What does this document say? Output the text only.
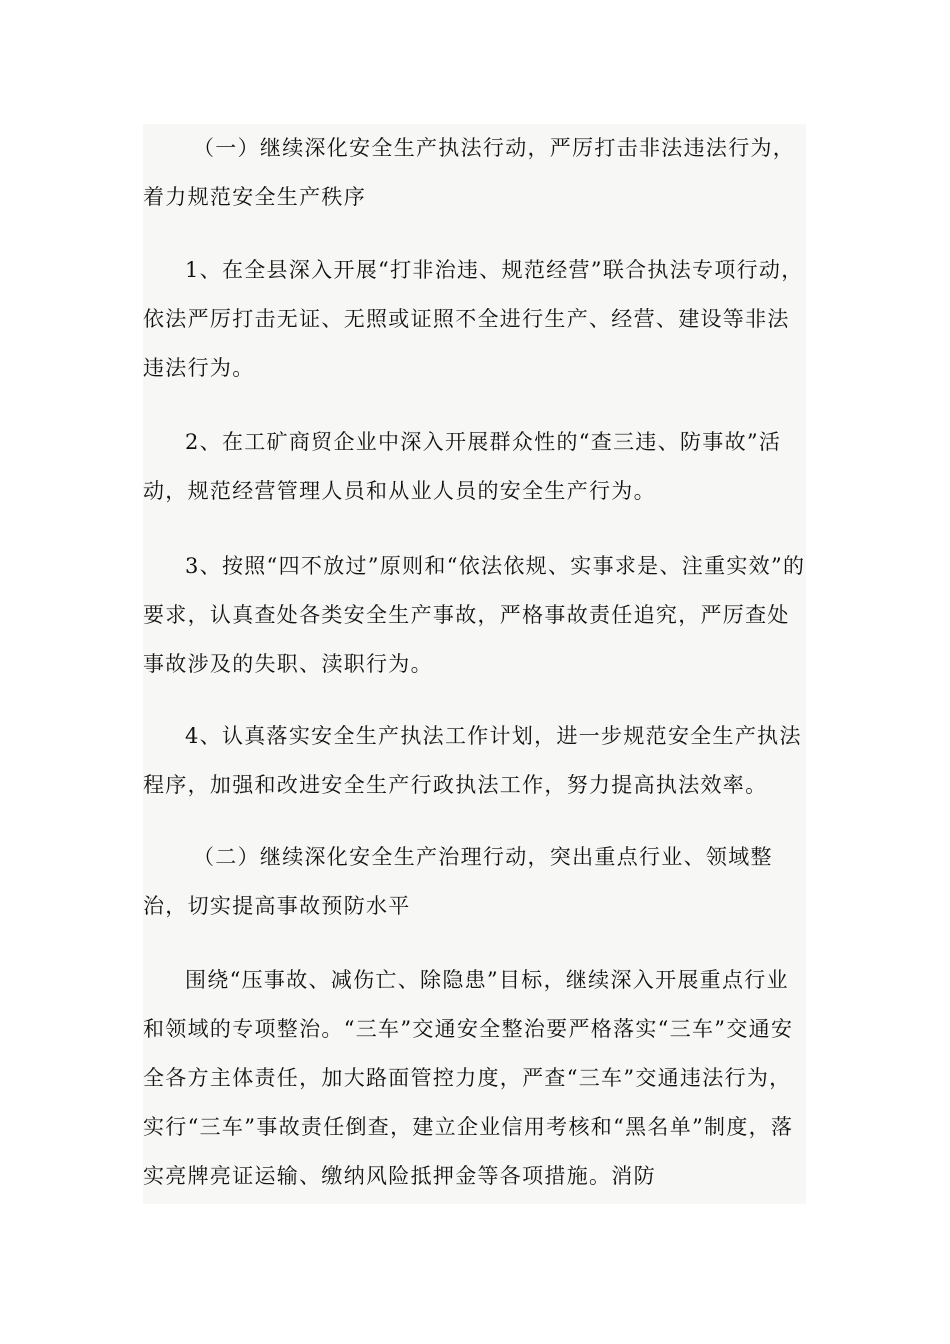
（一）继续深化安全生产执法行动，严厉打击非法违法行为，着力规范安全生产秩序

1、在全县深入开展“打非治违、规范经营”联合执法专项行动，依法严厉打击无证、无照或证照不全进行生产、经营、建设等非法违法行为。

2、在工矿商贸企业中深入开展群众性的“查三违、防事故”活动，规范经营管理人员和从业人员的安全生产行为。

3、按照“四不放过”原则和“依法依规、实事求是、注重实效”的要求，认真查处各类安全生产事故，严格事故责任追究，严厉查处事故涉及的失职、渎职行为。

4、认真落实安全生产执法工作计划，进一步规范安全生产执法程序，加强和改进安全生产行政执法工作，努力提高执法效率。

（二）继续深化安全生产治理行动，突出重点行业、领域整治，切实提高事故预防水平

围绕“压事故、减伤亡、除隐患”目标，继续深入开展重点行业和领域的专项整治。“三车”交通安全整治要严格落实“三车”交通安全各方主体责任，加大路面管控力度，严查“三车”交通违法行为，实行“三车”事故责任倒查，建立企业信用考核和“黑名单”制度，落实亮牌亮证运输、缴纳风险抵押金等各项措施。消防
